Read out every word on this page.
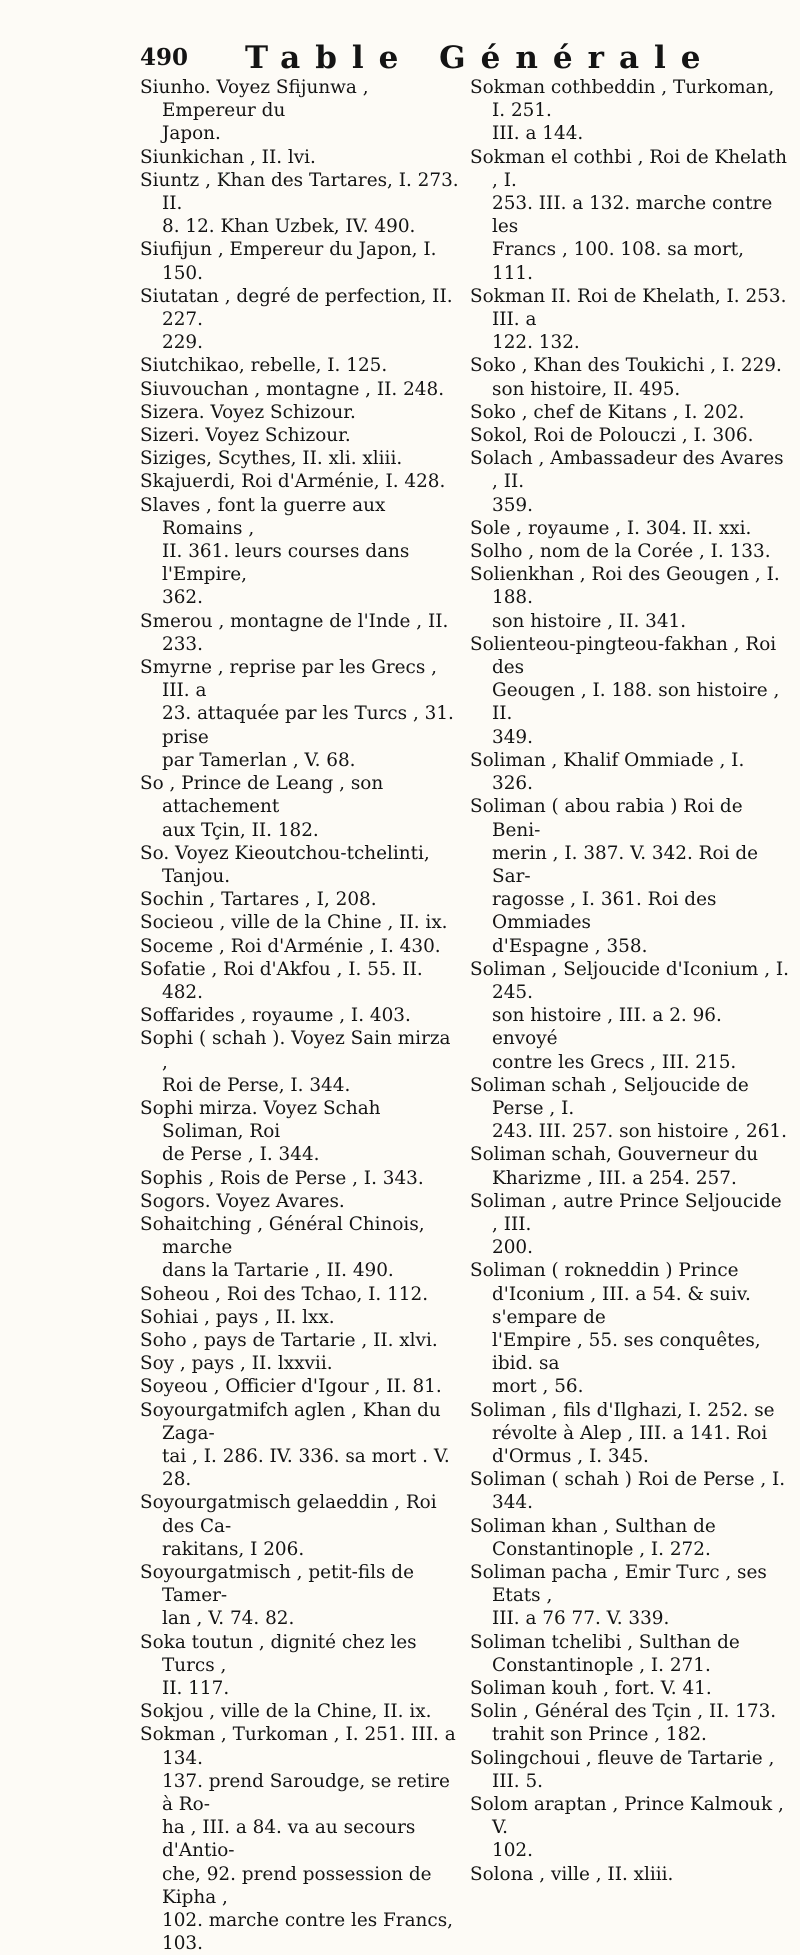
490 Table Générale

Siunho. Voyez Sfijunwa , Empereur du
Japon.

Siunkichan , II. lvi.

Siuntz , Khan des Tartares, I. 273. II.
8. 12. Khan Uzbek, IV. 490.

Siufijun , Empereur du Japon, I. 150.

Siutatan , degré de perfection, II. 227.
229.

Siutchikao, rebelle, I. 125.

Siuvouchan , montagne , II. 248.

Sizera. Voyez Schizour.

Sizeri. Voyez Schizour.

Siziges, Scythes, II. xli. xliii.

Skajuerdi, Roi d'Arménie, I. 428.

Slaves , font la guerre aux Romains ,
II. 361. leurs courses dans l'Empire,
362.

Smerou , montagne de l'Inde , II. 233.

Smyrne , reprise par les Grecs , III. a
23. attaquée par les Turcs , 31. prise
par Tamerlan , V. 68.

So , Prince de Leang , son attachement
aux Tçin, II. 182.

So. Voyez Kieoutchou-tchelinti, Tanjou.

Sochin , Tartares , I, 208.

Socieou , ville de la Chine , II. ix.

Soceme , Roi d'Arménie , I. 430.

Sofatie , Roi d'Akfou , I. 55. II. 482.

Soffarides , royaume , I. 403.

Sophi ( schah ). Voyez Sain mirza ,
Roi de Perse, I. 344.

Sophi mirza. Voyez Schah Soliman, Roi
de Perse , I. 344.

Sophis , Rois de Perse , I. 343.

Sogors. Voyez Avares.

Sohaitching , Général Chinois, marche
dans la Tartarie , II. 490.

Soheou , Roi des Tchao, I. 112.

Sohiai , pays , II. lxx.

Soho , pays de Tartarie , II. xlvi.

Soy , pays , II. lxxvii.

Soyeou , Officier d'Igour , II. 81.

Soyourgatmifch aglen , Khan du Zaga-
tai , I. 286. IV. 336. sa mort . V. 28.

Soyourgatmisch gelaeddin , Roi des Ca-
rakitans, I 206.

Soyourgatmisch , petit-fils de Tamer-
lan , V. 74. 82.

Soka toutun , dignité chez les Turcs ,
II. 117.

Sokjou , ville de la Chine, II. ix.

Sokman , Turkoman , I. 251. III. a 134.
137. prend Saroudge, se retire à Ro-
ha , III. a 84. va au secours d'Antio-
che, 92. prend possession de Kipha ,
102. marche contre les Francs, 103.

Sokman cothbeddin , Turkoman, I. 251.
III. a 144.

Sokman el cothbi , Roi de Khelath , I.
253. III. a 132. marche contre les
Francs , 100. 108. sa mort, 111.

Sokman II. Roi de Khelath, I. 253. III. a
122. 132.

Soko , Khan des Toukichi , I. 229.
son histoire, II. 495.

Soko , chef de Kitans , I. 202.

Sokol, Roi de Polouczi , I. 306.

Solach , Ambassadeur des Avares , II.
359.

Sole , royaume , I. 304. II. xxi.

Solho , nom de la Corée , I. 133.

Solienkhan , Roi des Geougen , I. 188.
son histoire , II. 341.

Solienteou-pingteou-fakhan , Roi des
Geougen , I. 188. son histoire , II.
349.

Soliman , Khalif Ommiade , I. 326.

Soliman ( abou rabia ) Roi de Beni-
merin , I. 387. V. 342. Roi de Sar-
ragosse , I. 361. Roi des Ommiades
d'Espagne , 358.

Soliman , Seljoucide d'Iconium , I. 245.
son histoire , III. a 2. 96. envoyé
contre les Grecs , III. 215.

Soliman schah , Seljoucide de Perse , I.
243. III. 257. son histoire , 261.

Soliman schah, Gouverneur du Kharizme , III. a 254. 257.

Soliman , autre Prince Seljoucide , III.
200.

Soliman ( rokneddin ) Prince d'Iconium , III. a 54. & suiv. s'empare de
l'Empire , 55. ses conquêtes, ibid. sa
mort , 56.

Soliman , fils d'Ilghazi, I. 252. se révolte à Alep , III. a 141. Roi d'Ormus , I. 345.

Soliman ( schah ) Roi de Perse , I.
344.

Soliman khan , Sulthan de Constantinople , I. 272.

Soliman pacha , Emir Turc , ses Etats ,
III. a 76 77. V. 339.

Soliman tchelibi , Sulthan de Constantinople , I. 271.

Soliman kouh , fort. V. 41.

Solin , Général des Tçin , II. 173. trahit son Prince , 182.

Solingchoui , fleuve de Tartarie , III. 5.

Solom araptan , Prince Kalmouk , V.
102.

Solona , ville , II. xliii.
